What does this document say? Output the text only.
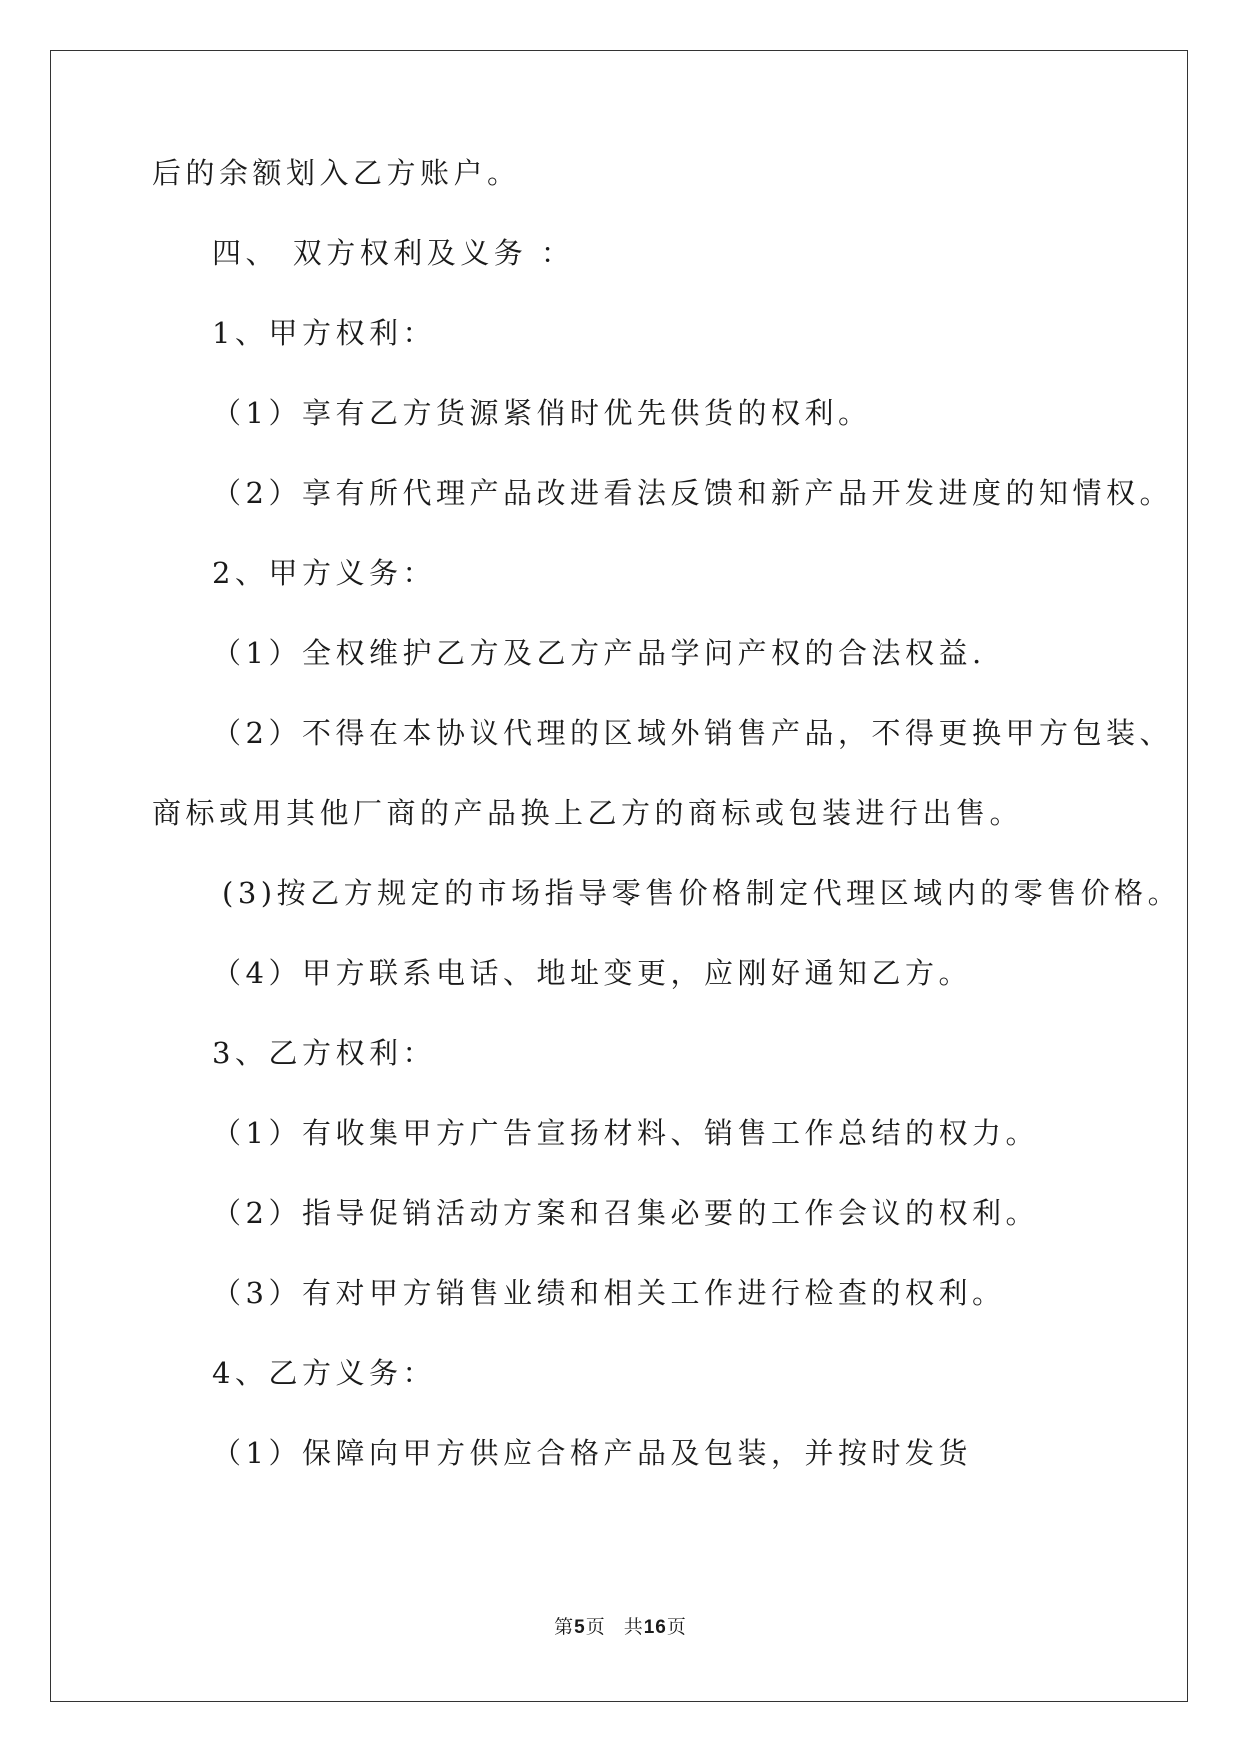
后的余额划入乙方账户。
四、 双方权利及义务 ：
1、甲方权利：
（1）享有乙方货源紧俏时优先供货的权利。
（2）享有所代理产品改进看法反馈和新产品开发进度的知情权。
2、甲方义务：
（1）全权维护乙方及乙方产品学问产权的合法权益.
（2）不得在本协议代理的区域外销售产品，不得更换甲方包装、
商标或用其他厂商的产品换上乙方的商标或包装进行出售。
(3)按乙方规定的市场指导零售价格制定代理区域内的零售价格。
（4）甲方联系电话、地址变更，应刚好通知乙方。
3、乙方权利：
（1）有收集甲方广告宣扬材料、销售工作总结的权力。
（2）指导促销活动方案和召集必要的工作会议的权利。
（3）有对甲方销售业绩和相关工作进行检查的权利。
4、乙方义务：
（1）保障向甲方供应合格产品及包装，并按时发货
第5页 共16页
